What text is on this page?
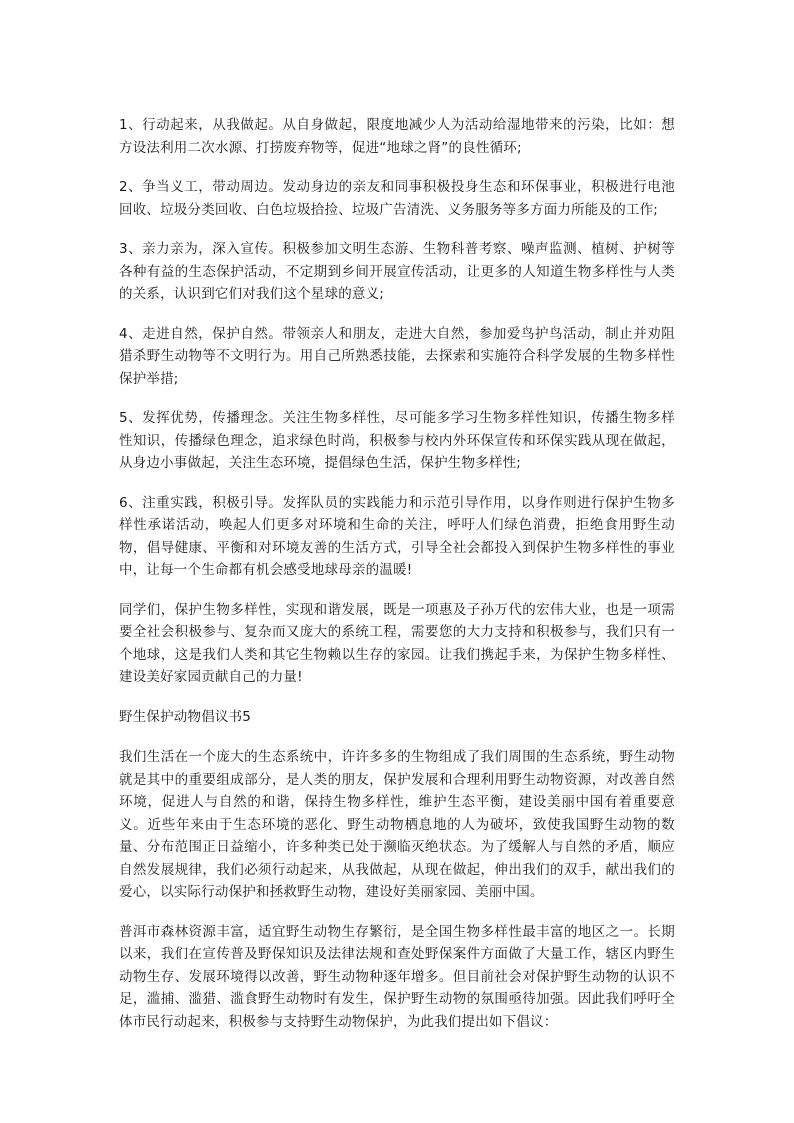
1、行动起来，从我做起。从自身做起，限度地减少人为活动给湿地带来的污染，比如：想方设法利用二次水源、打捞废弃物等，促进“地球之肾”的良性循环;

2、争当义工，带动周边。发动身边的亲友和同事积极投身生态和环保事业，积极进行电池回收、垃圾分类回收、白色垃圾拾捡、垃圾广告清洗、义务服务等多方面力所能及的工作;

3、亲力亲为，深入宣传。积极参加文明生态游、生物科普考察、噪声监测、植树、护树等各种有益的生态保护活动，不定期到乡间开展宣传活动，让更多的人知道生物多样性与人类的关系，认识到它们对我们这个星球的意义;

4、走进自然，保护自然。带领亲人和朋友，走进大自然，参加爱鸟护鸟活动，制止并劝阻猎杀野生动物等不文明行为。用自己所熟悉技能，去探索和实施符合科学发展的生物多样性保护举措;

5、发挥优势，传播理念。关注生物多样性，尽可能多学习生物多样性知识，传播生物多样性知识，传播绿色理念，追求绿色时尚，积极参与校内外环保宣传和环保实践从现在做起，从身边小事做起，关注生态环境，提倡绿色生活，保护生物多样性;

6、注重实践，积极引导。发挥队员的实践能力和示范引导作用，以身作则进行保护生物多样性承诺活动，唤起人们更多对环境和生命的关注，呼吁人们绿色消费，拒绝食用野生动物，倡导健康、平衡和对环境友善的生活方式，引导全社会都投入到保护生物多样性的事业中，让每一个生命都有机会感受地球母亲的温暖!

同学们，保护生物多样性，实现和谐发展，既是一项惠及子孙万代的宏伟大业，也是一项需要全社会积极参与、复杂而又庞大的系统工程，需要您的大力支持和积极参与，我们只有一个地球，这是我们人类和其它生物赖以生存的家园。让我们携起手来，为保护生物多样性、建设美好家园贡献自己的力量!

野生保护动物倡议书5

我们生活在一个庞大的生态系统中，许许多多的生物组成了我们周围的生态系统，野生动物就是其中的重要组成部分，是人类的朋友，保护发展和合理利用野生动物资源，对改善自然环境，促进人与自然的和谐，保持生物多样性，维护生态平衡，建设美丽中国有着重要意义。近些年来由于生态环境的恶化、野生动物栖息地的人为破坏，致使我国野生动物的数量、分布范围正日益缩小，许多种类已处于濒临灭绝状态。为了缓解人与自然的矛盾，顺应自然发展规律，我们必须行动起来，从我做起，从现在做起，伸出我们的双手，献出我们的爱心，以实际行动保护和拯救野生动物，建设好美丽家园、美丽中国。

普洱市森林资源丰富，适宜野生动物生存繁衍，是全国生物多样性最丰富的地区之一。长期以来，我们在宣传普及野保知识及法律法规和查处野保案件方面做了大量工作，辖区内野生动物生存、发展环境得以改善，野生动物种逐年增多。但目前社会对保护野生动物的认识不足，滥捕、滥猎、滥食野生动物时有发生，保护野生动物的氛围亟待加强。因此我们呼吁全体市民行动起来，积极参与支持野生动物保护，为此我们提出如下倡议：
